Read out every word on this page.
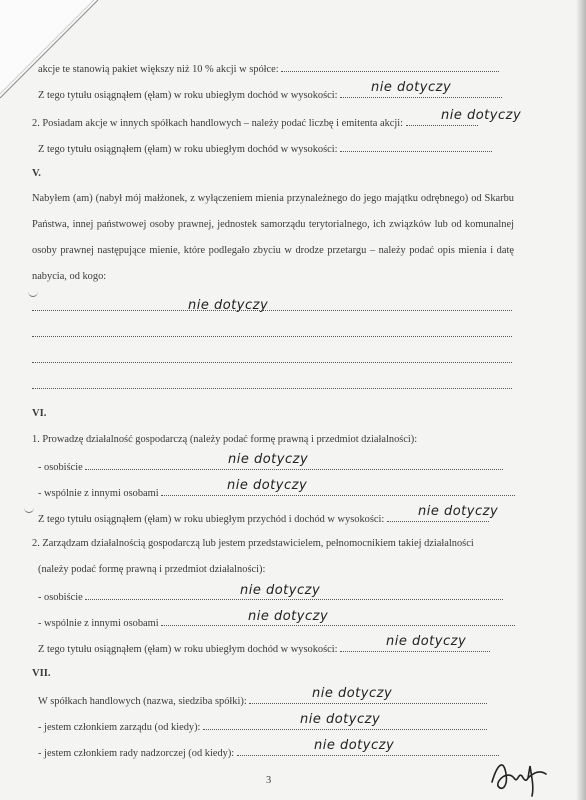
akcje te stanowią pakiet większy niż 10 % akcji w spółce:
Z tego tytułu osiągnąłem (ęłam) w roku ubiegłym dochód w wysokości:
nie dotyczy
2. Posiadam akcje w innych spółkach handlowych – należy podać liczbę i emitenta akcji:
nie dotyczy
Z tego tytułu osiągnąłem (ęłam) w roku ubiegłym dochód w wysokości:
V.
Nabyłem (am) (nabył mój małżonek, z wyłączeniem mienia przynależnego do jego majątku odrębnego) od Skarbu Państwa, innej państwowej osoby prawnej, jednostek samorządu terytorialnego, ich związków lub od komunalnej osoby prawnej następujące mienie, które podlegało zbyciu w drodze przetargu – należy podać opis mienia i datę nabycia, od kogo:
nie dotyczy
VI.
1. Prowadzę działalność gospodarczą (należy podać formę prawną i przedmiot działalności):
- osobiście
nie dotyczy
- wspólnie z innymi osobami
nie dotyczy
Z tego tytułu osiągnąłem (ęłam) w roku ubiegłym przychód i dochód w wysokości:
nie dotyczy
2. Zarządzam działalnością gospodarczą lub jestem przedstawicielem, pełnomocnikiem takiej działalności
(należy podać formę prawną i przedmiot działalności):
- osobiście	nie dotyczy
- wspólnie z innymi osobami	nie dotyczy
Z tego tytułu osiągnąłem (ęłam) w roku ubiegłym dochód w wysokości:
nie dotyczy
VII.
W spółkach handlowych (nazwa, siedziba spółki):
nie dotyczy
- jestem członkiem zarządu (od kiedy):
nie dotyczy
- jestem członkiem rady nadzorczej (od kiedy):
nie dotyczy
3
